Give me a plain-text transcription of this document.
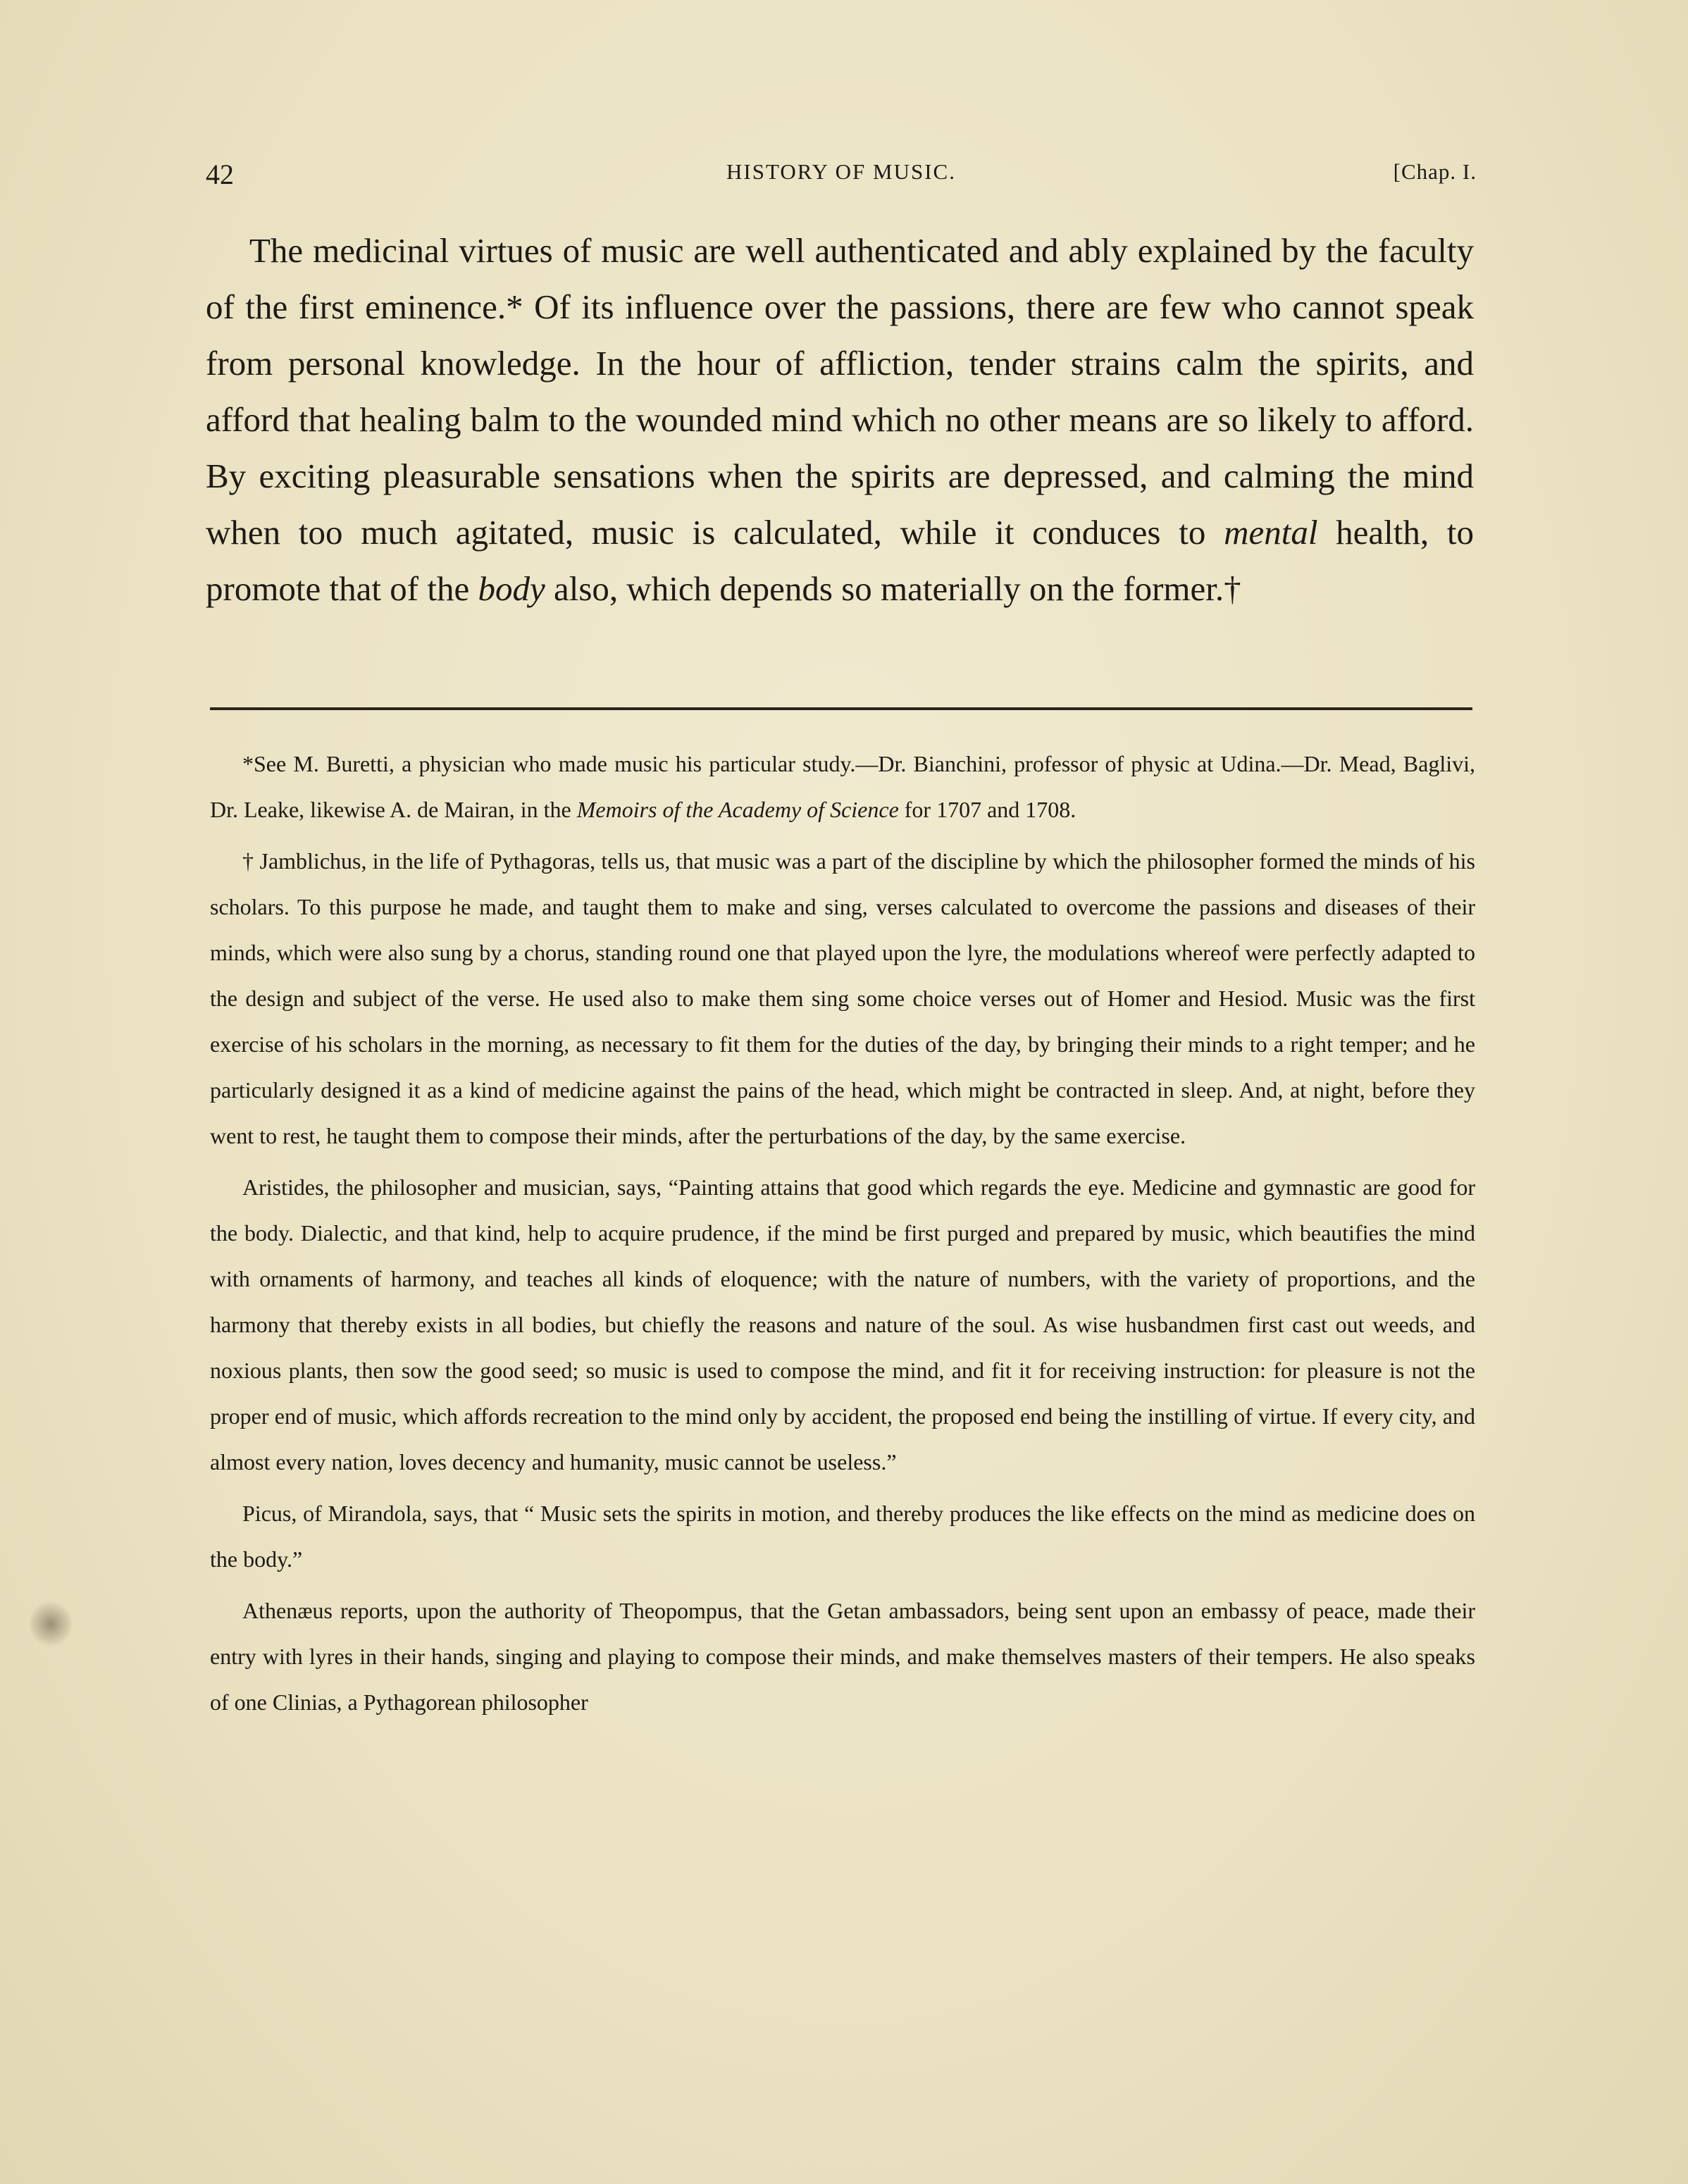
42	HISTORY OF MUSIC.	[Chap. I.

The medicinal virtues of music are well authenticated and ably explained by the faculty of the first eminence.* Of its influence over the passions, there are few who cannot speak from personal knowledge. In the hour of affliction, tender strains calm the spirits, and afford that healing balm to the wounded mind which no other means are so likely to afford. By exciting pleasurable sensations when the spirits are depressed, and calming the mind when too much agitated, music is calculated, while it conduces to mental health, to promote that of the body also, which depends so materially on the former.†

*See M. Buretti, a physician who made music his particular study.—Dr. Bianchini, professor of physic at Udina.—Dr. Mead, Baglivi, Dr. Leake, likewise A. de Mairan, in the Memoirs of the Academy of Science for 1707 and 1708.

† Jamblichus, in the life of Pythagoras, tells us, that music was a part of the discipline by which the philosopher formed the minds of his scholars. To this purpose he made, and taught them to make and sing, verses calculated to overcome the passions and diseases of their minds, which were also sung by a chorus, standing round one that played upon the lyre, the modulations whereof were perfectly adapted to the design and subject of the verse. He used also to make them sing some choice verses out of Homer and Hesiod. Music was the first exercise of his scholars in the morning, as necessary to fit them for the duties of the day, by bringing their minds to a right temper; and he particularly designed it as a kind of medicine against the pains of the head, which might be contracted in sleep. And, at night, before they went to rest, he taught them to compose their minds, after the perturbations of the day, by the same exercise.

Aristides, the philosopher and musician, says, “Painting attains that good which regards the eye. Medicine and gymnastic are good for the body. Dialectic, and that kind, help to acquire prudence, if the mind be first purged and prepared by music, which beautifies the mind with ornaments of harmony, and teaches all kinds of eloquence; with the nature of numbers, with the variety of proportions, and the harmony that thereby exists in all bodies, but chiefly the reasons and nature of the soul. As wise husbandmen first cast out weeds, and noxious plants, then sow the good seed; so music is used to compose the mind, and fit it for receiving instruction: for pleasure is not the proper end of music, which affords recreation to the mind only by accident, the proposed end being the instilling of virtue. If every city, and almost every nation, loves decency and humanity, music cannot be useless.”

Picus, of Mirandola, says, that “ Music sets the spirits in motion, and thereby produces the like effects on the mind as medicine does on the body.”

Athenæus reports, upon the authority of Theopompus, that the Getan ambassadors, being sent upon an embassy of peace, made their entry with lyres in their hands, singing and playing to compose their minds, and make themselves masters of their tempers. He also speaks of one Clinias, a Pythagorean philosopher
